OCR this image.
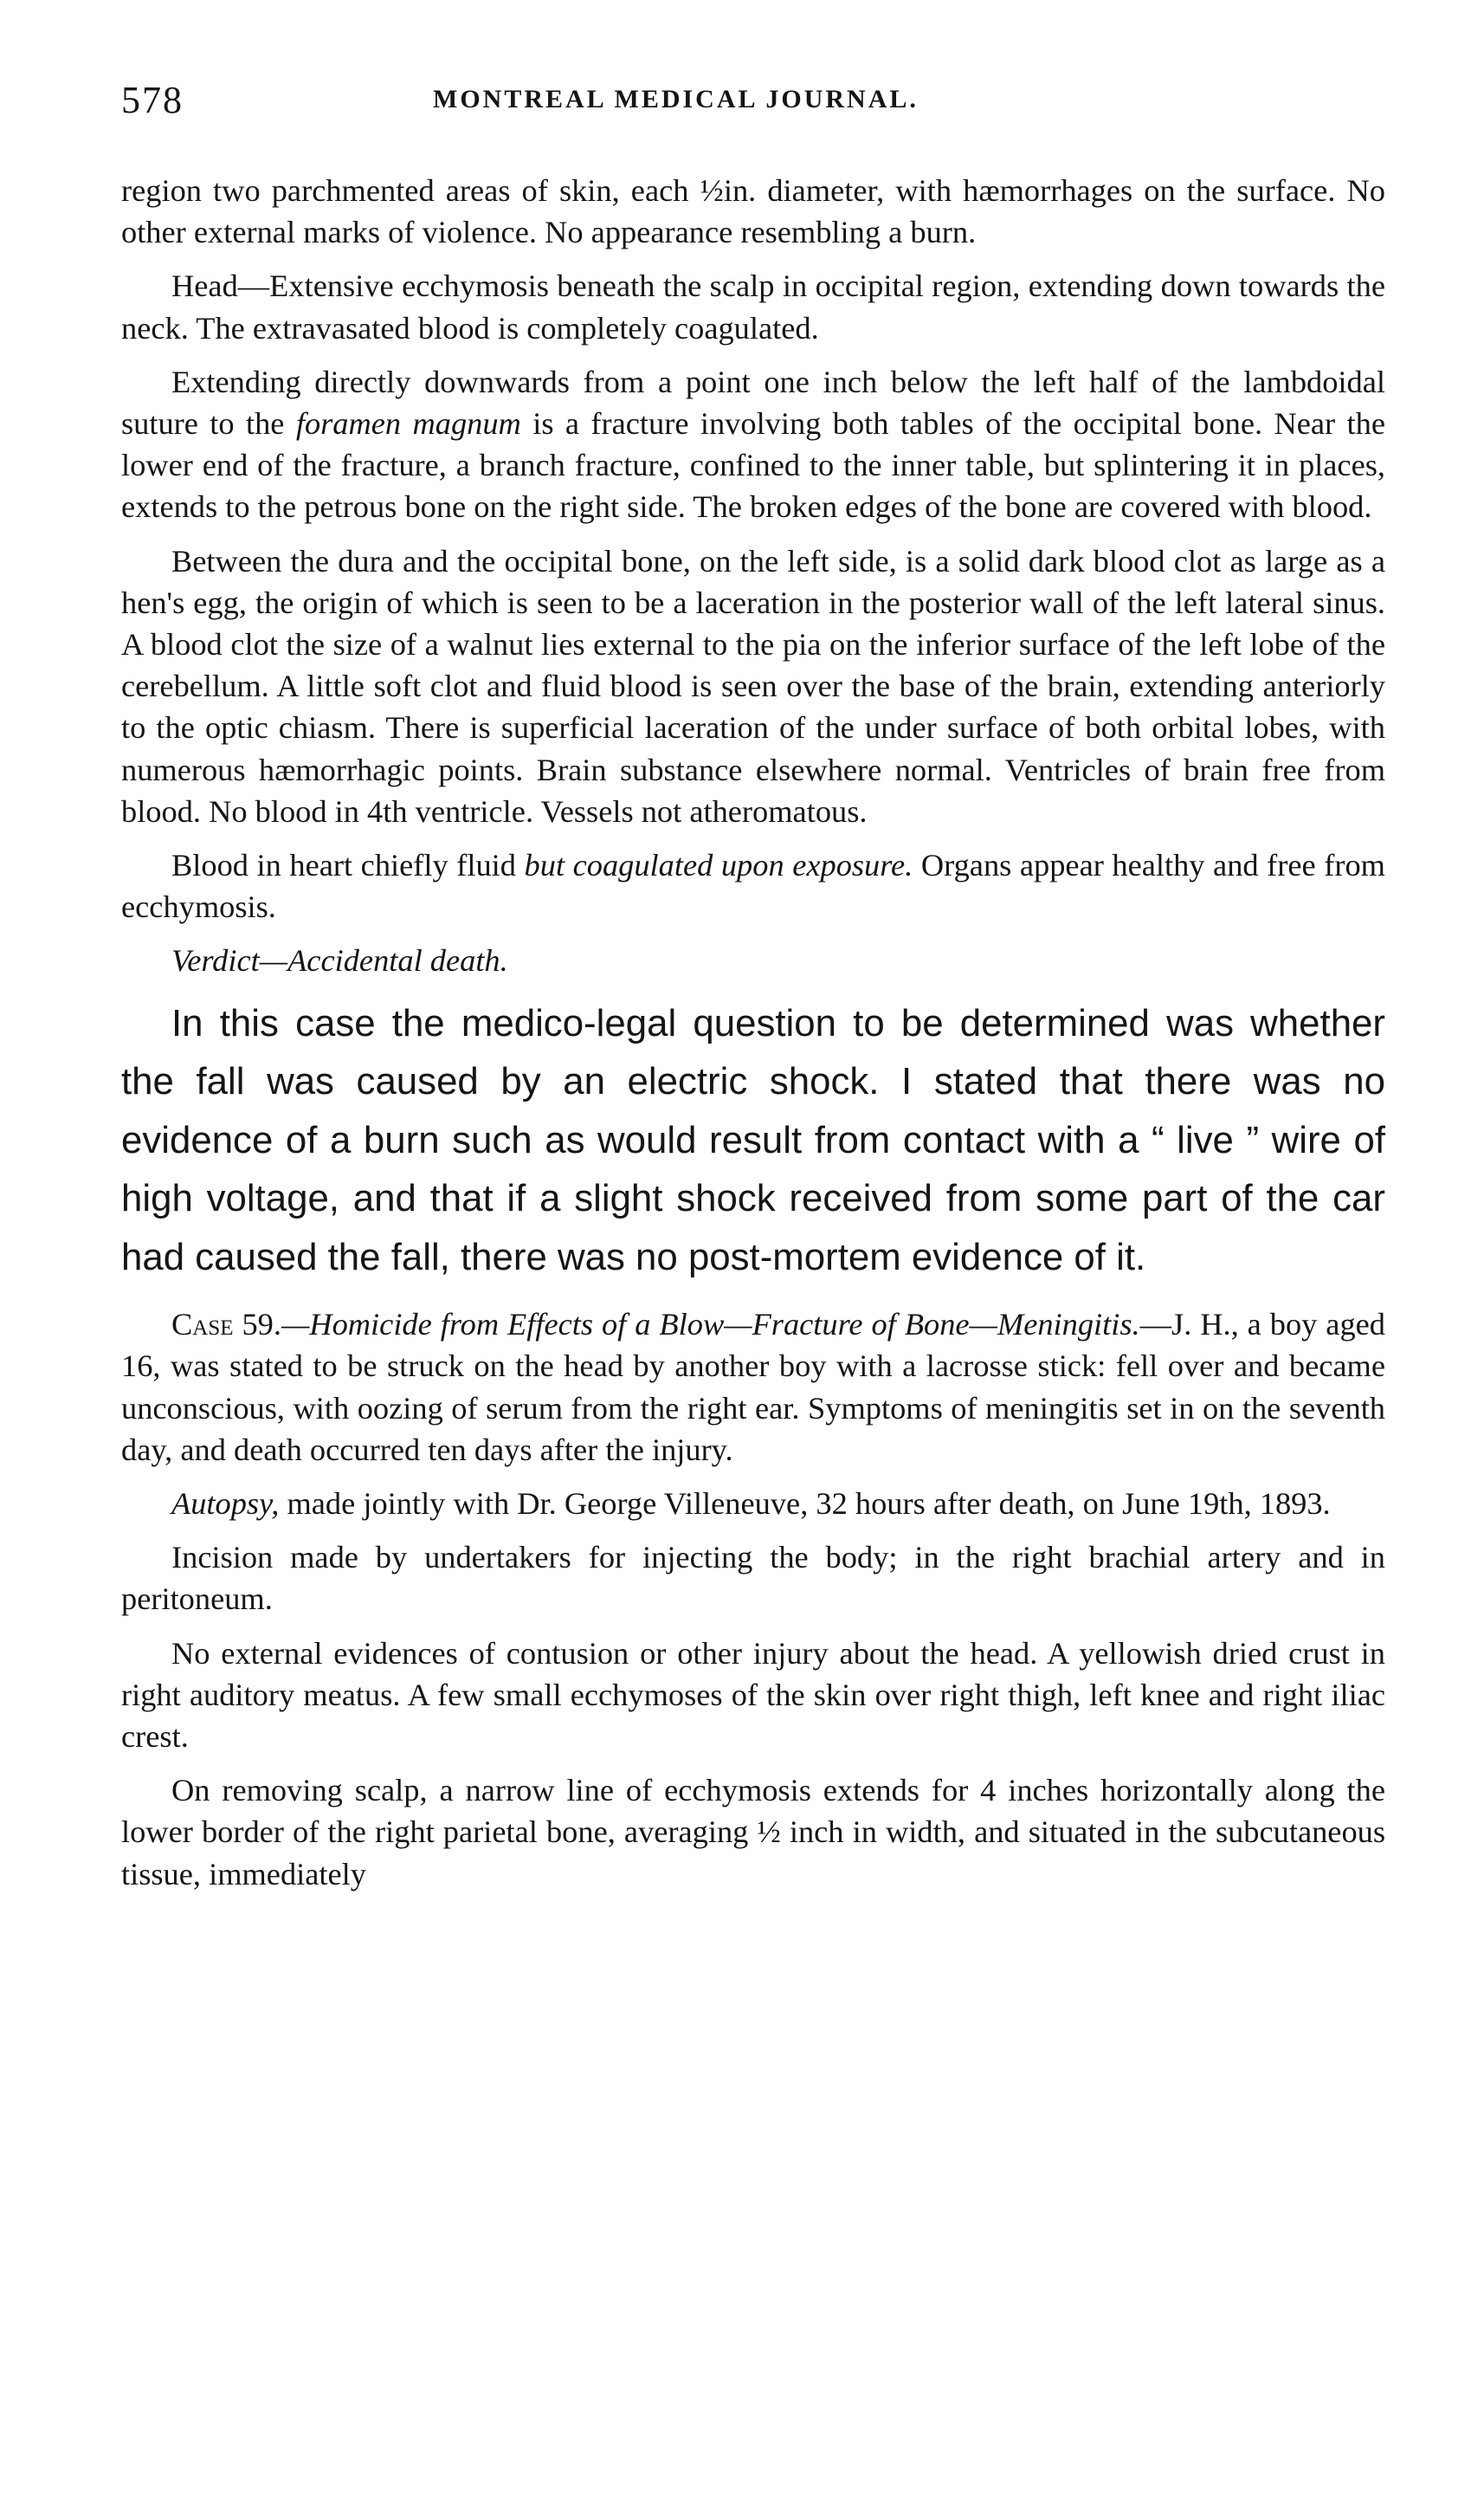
578	MONTREAL MEDICAL JOURNAL.

region two parchmented areas of skin, each ½in. diameter, with hæmorrhages on the surface. No other external marks of violence. No appearance resembling a burn.

Head—Extensive ecchymosis beneath the scalp in occipital region, extending down towards the neck. The extravasated blood is completely coagulated.

Extending directly downwards from a point one inch below the left half of the lambdoidal suture to the foramen magnum is a fracture involving both tables of the occipital bone. Near the lower end of the fracture, a branch fracture, confined to the inner table, but splintering it in places, extends to the petrous bone on the right side. The broken edges of the bone are covered with blood.

Between the dura and the occipital bone, on the left side, is a solid dark blood clot as large as a hen's egg, the origin of which is seen to be a laceration in the posterior wall of the left lateral sinus. A blood clot the size of a walnut lies external to the pia on the inferior surface of the left lobe of the cerebellum. A little soft clot and fluid blood is seen over the base of the brain, extending anteriorly to the optic chiasm. There is superficial laceration of the under surface of both orbital lobes, with numerous hæmorrhagic points. Brain substance elsewhere normal. Ventricles of brain free from blood. No blood in 4th ventricle. Vessels not atheromatous.

Blood in heart chiefly fluid but coagulated upon exposure. Organs appear healthy and free from ecchymosis.

Verdict—Accidental death.

In this case the medico-legal question to be determined was whether the fall was caused by an electric shock. I stated that there was no evidence of a burn such as would result from contact with a “ live ” wire of high voltage, and that if a slight shock received from some part of the car had caused the fall, there was no post-mortem evidence of it.

Case 59.—Homicide from Effects of a Blow—Fracture of Bone—Meningitis.—J. H., a boy aged 16, was stated to be struck on the head by another boy with a lacrosse stick: fell over and became unconscious, with oozing of serum from the right ear. Symptoms of meningitis set in on the seventh day, and death occurred ten days after the injury.

Autopsy, made jointly with Dr. George Villeneuve, 32 hours after death, on June 19th, 1893.

Incision made by undertakers for injecting the body; in the right brachial artery and in peritoneum.

No external evidences of contusion or other injury about the head. A yellowish dried crust in right auditory meatus. A few small ecchymoses of the skin over right thigh, left knee and right iliac crest.

On removing scalp, a narrow line of ecchymosis extends for 4 inches horizontally along the lower border of the right parietal bone, averaging ½ inch in width, and situated in the subcutaneous tissue, immediately
